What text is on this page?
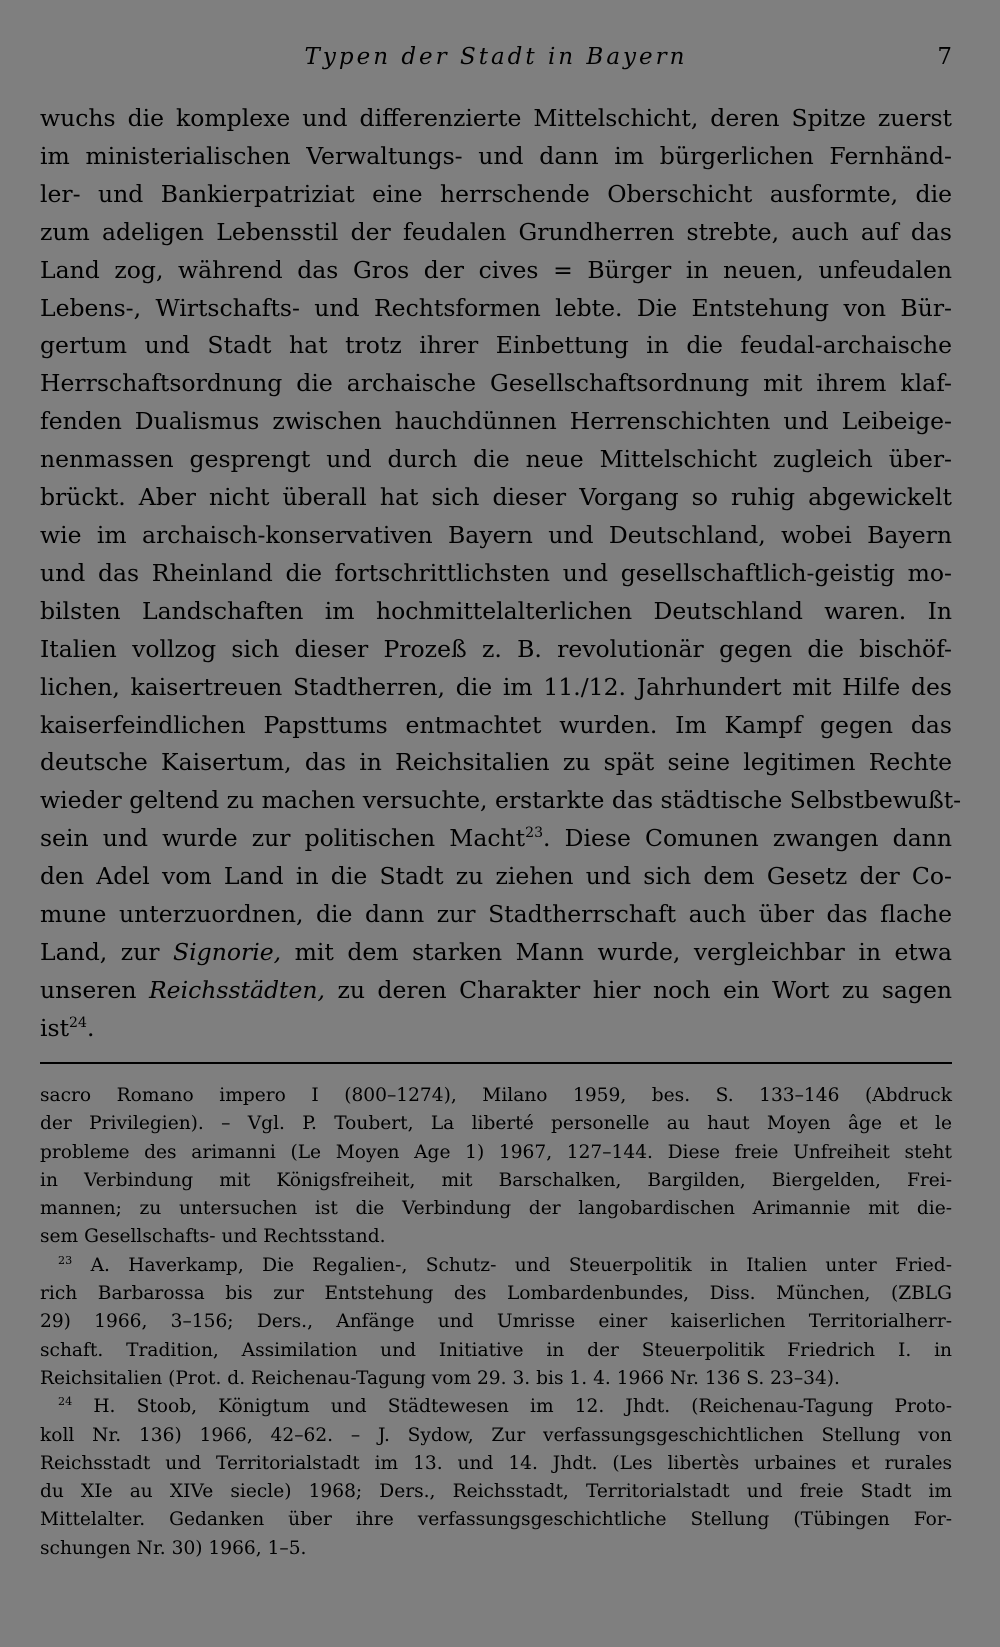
Typen der Stadt in Bayern	7
wuchs die komplexe und differenzierte Mittelschicht, deren Spitze zuerst
im ministerialischen Verwaltungs- und dann im bürgerlichen Fernhänd-
ler- und Bankierpatriziat eine herrschende Oberschicht ausformte, die
zum adeligen Lebensstil der feudalen Grundherren strebte, auch auf das
Land zog, während das Gros der cives = Bürger in neuen, unfeudalen
Lebens-, Wirtschafts- und Rechtsformen lebte. Die Entstehung von Bür-
gertum und Stadt hat trotz ihrer Einbettung in die feudal-archaische
Herrschaftsordnung die archaische Gesellschaftsordnung mit ihrem klaf-
fenden Dualismus zwischen hauchdünnen Herrenschichten und Leibeige-
nenmassen gesprengt und durch die neue Mittelschicht zugleich über-
brückt. Aber nicht überall hat sich dieser Vorgang so ruhig abgewickelt
wie im archaisch-konservativen Bayern und Deutschland, wobei Bayern
und das Rheinland die fortschrittlichsten und gesellschaftlich-geistig mo-
bilsten Landschaften im hochmittelalterlichen Deutschland waren. In
Italien vollzog sich dieser Prozeß z. B. revolutionär gegen die bischöf-
lichen, kaisertreuen Stadtherren, die im 11./12. Jahrhundert mit Hilfe des
kaiserfeindlichen Papsttums entmachtet wurden. Im Kampf gegen das
deutsche Kaisertum, das in Reichsitalien zu spät seine legitimen Rechte
wieder geltend zu machen versuchte, erstarkte das städtische Selbstbewußt-
sein und wurde zur politischen Macht$^{23}$. Diese Comunen zwangen dann
den Adel vom Land in die Stadt zu ziehen und sich dem Gesetz der Co-
mune unterzuordnen, die dann zur Stadtherrschaft auch über das flache
Land, zur Signorie, mit dem starken Mann wurde, vergleichbar in etwa
unseren Reichsstädten, zu deren Charakter hier noch ein Wort zu sagen
ist$^{24}$.
sacro Romano impero I (800–1274), Milano 1959, bes. S. 133–146 (Abdruck
der Privilegien). – Vgl. P. Toubert, La liberté personelle au haut Moyen âge et le
probleme des arimanni (Le Moyen Age 1) 1967, 127–144. Diese freie Unfreiheit steht
in Verbindung mit Königsfreiheit, mit Barschalken, Bargilden, Biergelden, Frei-
mannen; zu untersuchen ist die Verbindung der langobardischen Arimannie mit die-
sem Gesellschafts- und Rechtsstand.
$^{23}$ A. Haverkamp, Die Regalien-, Schutz- und Steuerpolitik in Italien unter Fried-
rich Barbarossa bis zur Entstehung des Lombardenbundes, Diss. München, (ZBLG
29) 1966, 3–156; Ders., Anfänge und Umrisse einer kaiserlichen Territorialherr-
schaft. Tradition, Assimilation und Initiative in der Steuerpolitik Friedrich I. in
Reichsitalien (Prot. d. Reichenau-Tagung vom 29. 3. bis 1. 4. 1966 Nr. 136 S. 23–34).
$^{24}$ H. Stoob, Königtum und Städtewesen im 12. Jhdt. (Reichenau-Tagung Proto-
koll Nr. 136) 1966, 42–62. – J. Sydow, Zur verfassungsgeschichtlichen Stellung von
Reichsstadt und Territorialstadt im 13. und 14. Jhdt. (Les libertès urbaines et rurales
du XIe au XIVe siecle) 1968; Ders., Reichsstadt, Territorialstadt und freie Stadt im
Mittelalter. Gedanken über ihre verfassungsgeschichtliche Stellung (Tübingen For-
schungen Nr. 30) 1966, 1–5.
